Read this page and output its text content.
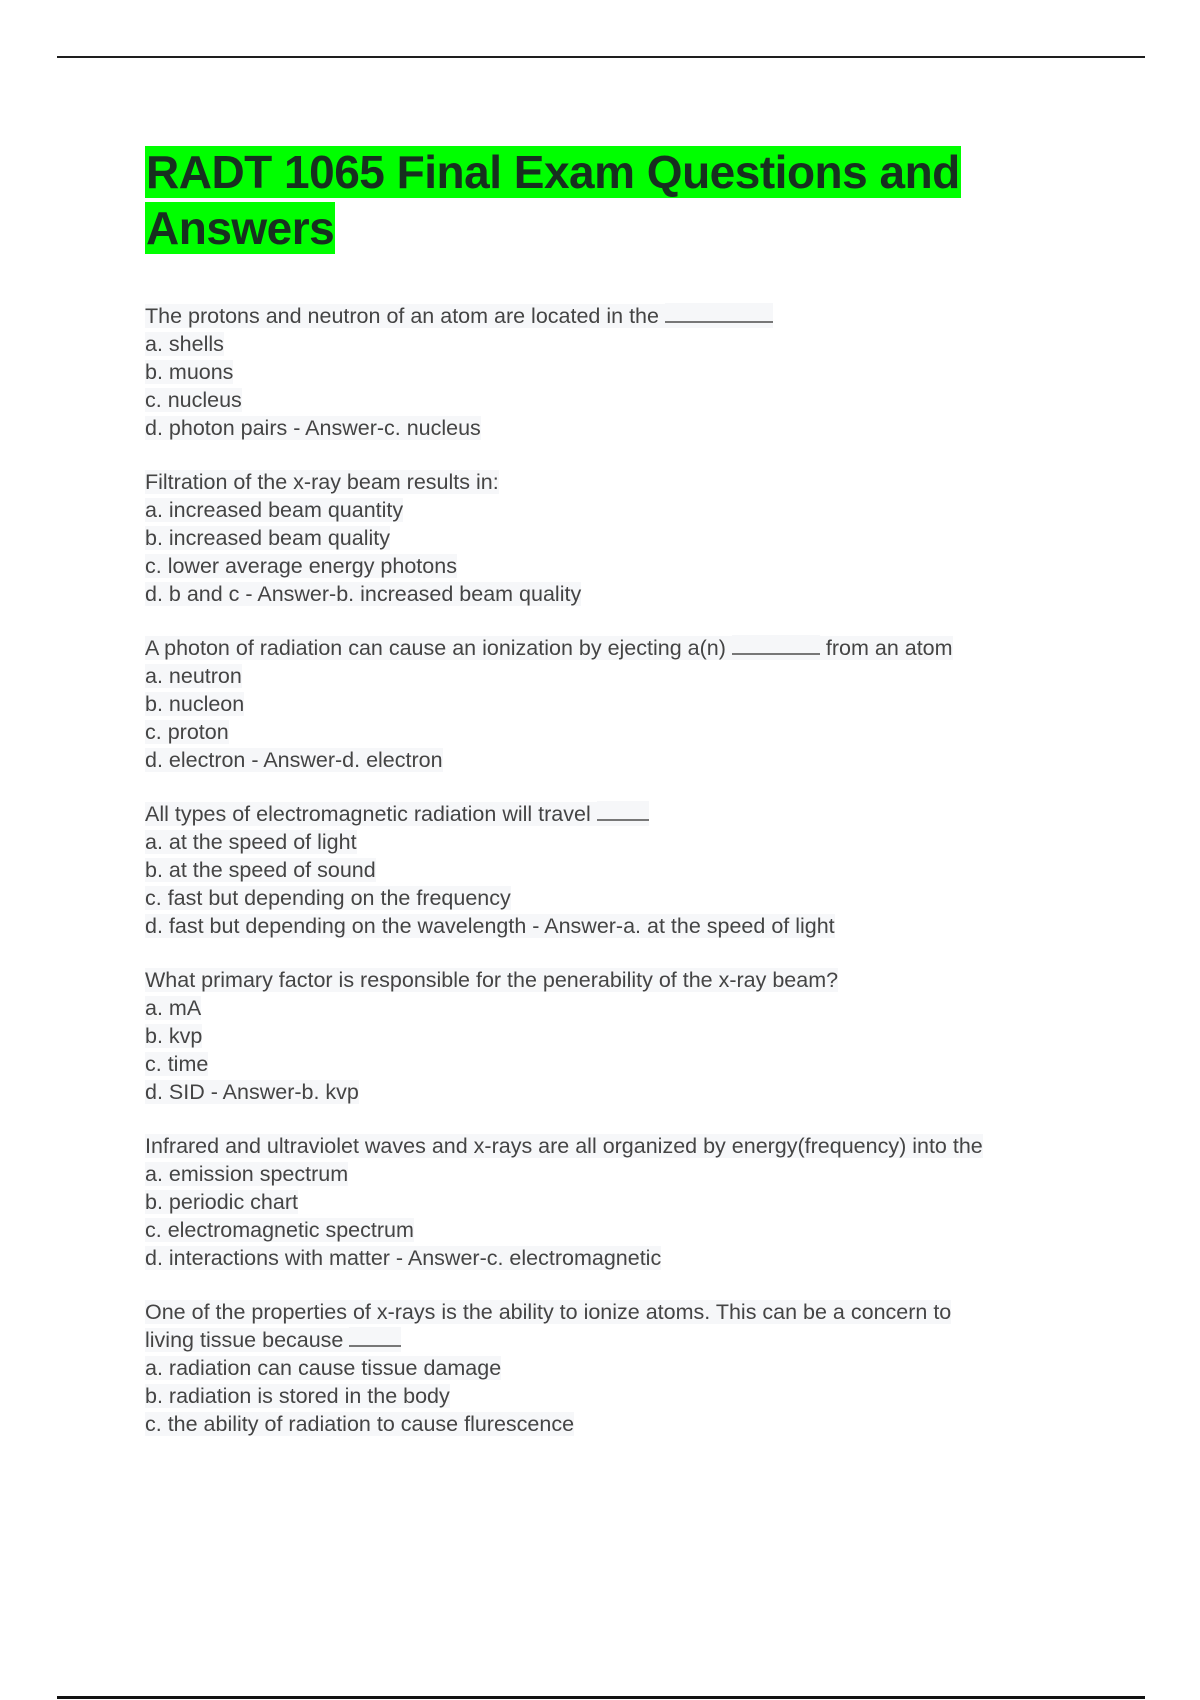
RADT 1065 Final Exam Questions and Answers
The protons and neutron of an atom are located in the
a. shells
b. muons
c. nucleus
d. photon pairs - Answer-c. nucleus
Filtration of the x-ray beam results in:
a. increased beam quantity
b. increased beam quality
c. lower average energy photons
d. b and c - Answer-b. increased beam quality
A photon of radiation can cause an ionization by ejecting a(n)	from an atom
a. neutron
b. nucleon
c. proton
d. electron - Answer-d. electron
All types of electromagnetic radiation will travel
a. at the speed of light
b. at the speed of sound
c. fast but depending on the frequency
d. fast but depending on the wavelength - Answer-a. at the speed of light
What primary factor is responsible for the penerability of the x-ray beam?
a. mA
b. kvp
c. time
d. SID - Answer-b. kvp
Infrared and ultraviolet waves and x-rays are all organized by energy(frequency) into the
a. emission spectrum
b. periodic chart
c. electromagnetic spectrum
d. interactions with matter - Answer-c. electromagnetic
One of the properties of x-rays is the ability to ionize atoms. This can be a concern to
living tissue because
a. radiation can cause tissue damage
b. radiation is stored in the body
c. the ability of radiation to cause flurescence
